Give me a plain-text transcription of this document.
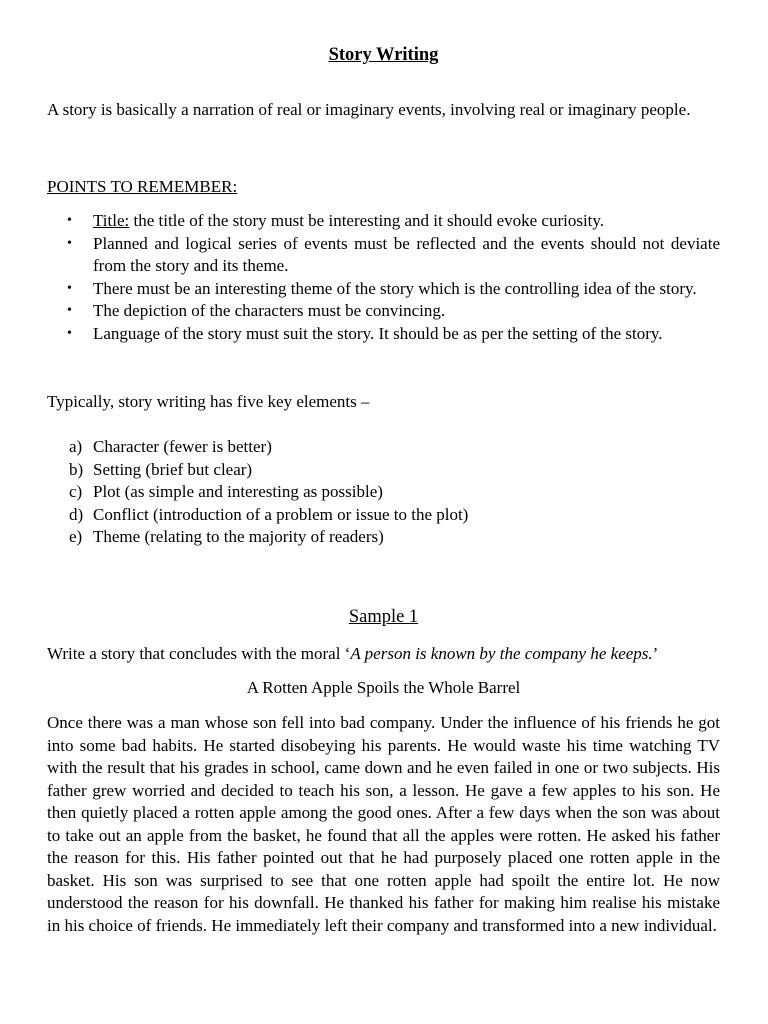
Story Writing

A story is basically a narration of real or imaginary events, involving real or imaginary people.

POINTS TO REMEMBER:
• Title: the title of the story must be interesting and it should evoke curiosity.
• Planned and logical series of events must be reflected and the events should not deviate from the story and its theme.
• There must be an interesting theme of the story which is the controlling idea of the story.
• The depiction of the characters must be convincing.
• Language of the story must suit the story. It should be as per the setting of the story.
Typically, story writing has five key elements –
a) Character (fewer is better)
b) Setting (brief but clear)
c) Plot (as simple and interesting as possible)
d) Conflict (introduction of a problem or issue to the plot)
e) Theme (relating to the majority of readers)
Sample 1
Write a story that concludes with the moral ‘A person is known by the company he keeps.’
A Rotten Apple Spoils the Whole Barrel

Once there was a man whose son fell into bad company. Under the influence of his friends he got into some bad habits. He started disobeying his parents. He would waste his time watching TV with the result that his grades in school, came down and he even failed in one or two subjects. His father grew worried and decided to teach his son, a lesson. He gave a few apples to his son. He then quietly placed a rotten apple among the good ones. After a few days when the son was about to take out an apple from the basket, he found that all the apples were rotten. He asked his father the reason for this. His father pointed out that he had purposely placed one rotten apple in the basket. His son was surprised to see that one rotten apple had spoilt the entire lot. He now understood the reason for his downfall. He thanked his father for making him realise his mistake in his choice of friends. He immediately left their company and transformed into a new individual.
